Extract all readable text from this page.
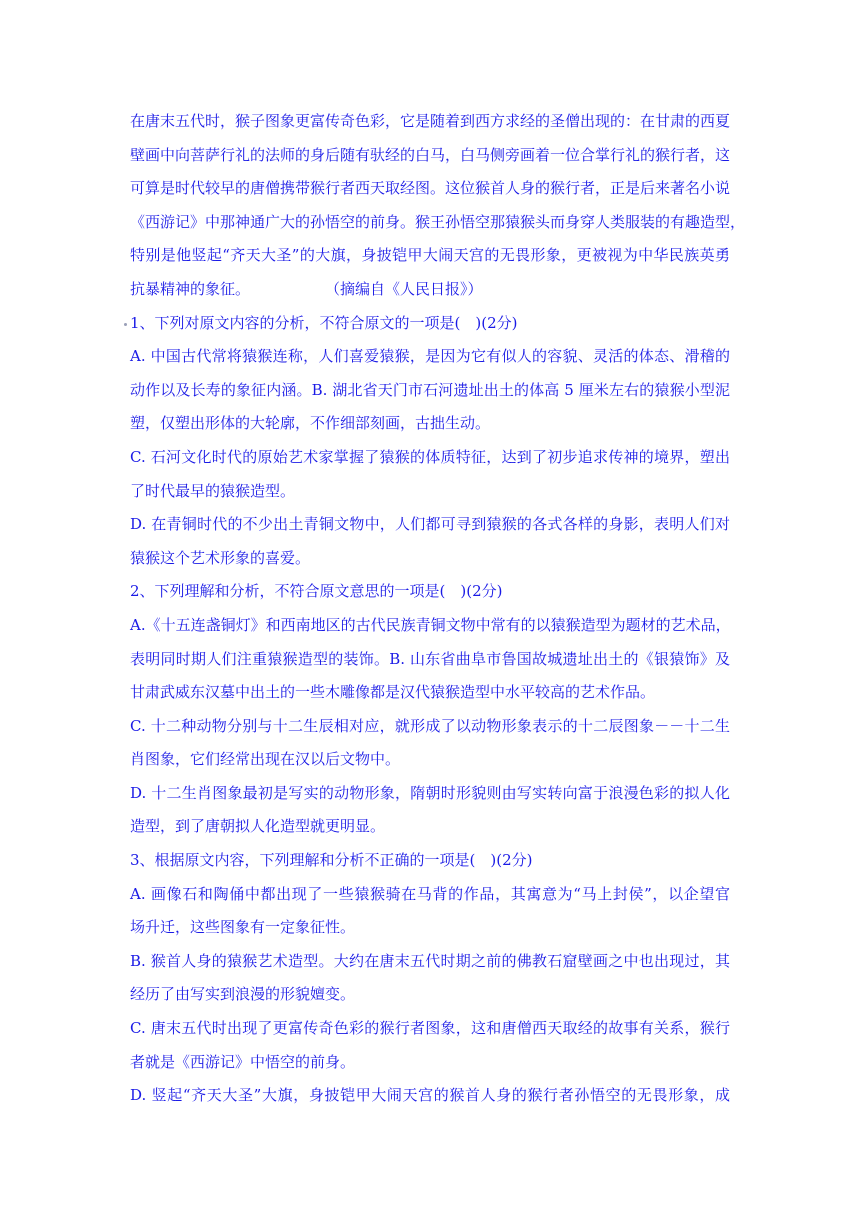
在唐末五代时，猴子图象更富传奇色彩，它是随着到西方求经的圣僧出现的：在甘肃的西夏
壁画中向菩萨行礼的法师的身后随有驮经的白马，白马侧旁画着一位合掌行礼的猴行者，这
可算是时代较早的唐僧携带猴行者西天取经图。这位猴首人身的猴行者，正是后来著名小说
《西游记》中那神通广大的孙悟空的前身。猴王孙悟空那猿猴头而身穿人类服装的有趣造型，
特别是他竖起“齐天大圣”的大旗，身披铠甲大闹天宫的无畏形象，更被视为中华民族英勇
抗暴精神的象征。　　　　　　（摘编自《人民日报》）
1、下列对原文内容的分析，不符合原文的一项是(　)(2分)
A. 中国古代常将猿猴连称，人们喜爱猿猴，是因为它有似人的容貌、灵活的体态、滑稽的
动作以及长寿的象征内涵。B. 湖北省天门市石河遗址出土的体高 5 厘米左右的猿猴小型泥
塑，仅塑出形体的大轮廓，不作细部刻画，古拙生动。
C. 石河文化时代的原始艺术家掌握了猿猴的体质特征，达到了初步追求传神的境界，塑出
了时代最早的猿猴造型。
D. 在青铜时代的不少出土青铜文物中，人们都可寻到猿猴的各式各样的身影，表明人们对
猿猴这个艺术形象的喜爱。
2、下列理解和分析，不符合原文意思的一项是(　)(2分)
A.《十五连盏铜灯》和西南地区的古代民族青铜文物中常有的以猿猴造型为题材的艺术品，
表明同时期人们注重猿猴造型的装饰。B. 山东省曲阜市鲁国故城遗址出土的《银猿饰》及
甘肃武威东汉墓中出土的一些木雕像都是汉代猿猴造型中水平较高的艺术作品。
C. 十二种动物分别与十二生辰相对应，就形成了以动物形象表示的十二辰图象－－十二生
肖图象，它们经常出现在汉以后文物中。
D. 十二生肖图象最初是写实的动物形象，隋朝时形貌则由写实转向富于浪漫色彩的拟人化
造型，到了唐朝拟人化造型就更明显。
3、根据原文内容，下列理解和分析不正确的一项是(　)(2分)
A. 画像石和陶俑中都出现了一些猿猴骑在马背的作品，其寓意为“马上封侯”，以企望官
场升迁，这些图象有一定象征性。
B. 猴首人身的猿猴艺术造型。大约在唐末五代时期之前的佛教石窟壁画之中也出现过，其
经历了由写实到浪漫的形貌嬗变。
C. 唐末五代时出现了更富传奇色彩的猴行者图象，这和唐僧西天取经的故事有关系，猴行
者就是《西游记》中悟空的前身。
D. 竖起“齐天大圣”大旗，身披铠甲大闹天宫的猴首人身的猴行者孙悟空的无畏形象，成
